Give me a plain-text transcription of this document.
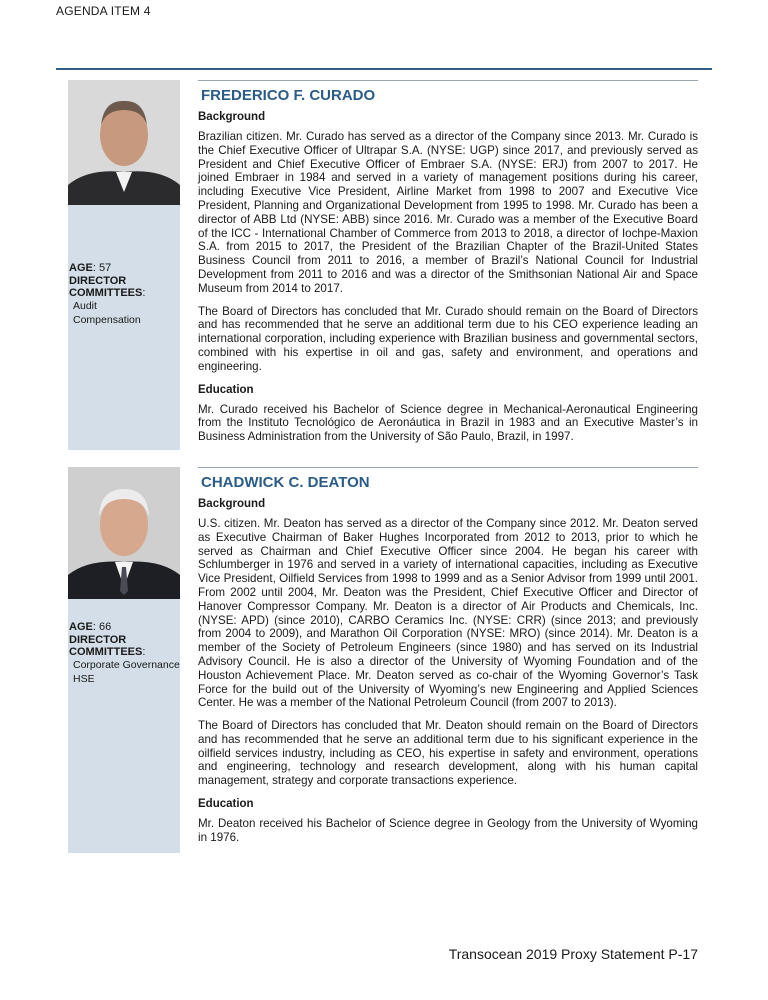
AGENDA ITEM 4
AGE: 57
DIRECTOR COMMITTEES:
Audit
Compensation
FREDERICO F. CURADO
Background

Brazilian citizen. Mr. Curado has served as a director of the Company since 2013. Mr. Curado is the Chief Executive Officer of Ultrapar S.A. (NYSE: UGP) since 2017, and previously served as President and Chief Executive Officer of Embraer S.A. (NYSE: ERJ) from 2007 to 2017. He joined Embraer in 1984 and served in a variety of management positions during his career, including Executive Vice President, Airline Market from 1998 to 2007 and Executive Vice President, Planning and Organizational Development from 1995 to 1998. Mr. Curado has been a director of ABB Ltd (NYSE: ABB) since 2016. Mr. Curado was a member of the Executive Board of the ICC - International Chamber of Commerce from 2013 to 2018, a director of Iochpe-Maxion S.A. from 2015 to 2017, the President of the Brazilian Chapter of the Brazil-United States Business Council from 2011 to 2016, a member of Brazil’s National Council for Industrial Development from 2011 to 2016 and was a director of the Smithsonian National Air and Space Museum from 2014 to 2017.

The Board of Directors has concluded that Mr. Curado should remain on the Board of Directors and has recommended that he serve an additional term due to his CEO experience leading an international corporation, including experience with Brazilian business and governmental sectors, combined with his expertise in oil and gas, safety and environment, and operations and engineering.

Education

Mr. Curado received his Bachelor of Science degree in Mechanical-Aeronautical Engineering from the Instituto Tecnológico de Aeronáutica in Brazil in 1983 and an Executive Master’s in Business Administration from the University of São Paulo, Brazil, in 1997.

AGE: 66
DIRECTOR COMMITTEES:
Corporate Governance
HSE
CHADWICK C. DEATON
Background

U.S. citizen. Mr. Deaton has served as a director of the Company since 2012. Mr. Deaton served as Executive Chairman of Baker Hughes Incorporated from 2012 to 2013, prior to which he served as Chairman and Chief Executive Officer since 2004. He began his career with Schlumberger in 1976 and served in a variety of international capacities, including as Executive Vice President, Oilfield Services from 1998 to 1999 and as a Senior Advisor from 1999 until 2001. From 2002 until 2004, Mr. Deaton was the President, Chief Executive Officer and Director of Hanover Compressor Company. Mr. Deaton is a director of Air Products and Chemicals, Inc. (NYSE: APD) (since 2010), CARBO Ceramics Inc. (NYSE: CRR) (since 2013; and previously from 2004 to 2009), and Marathon Oil Corporation (NYSE: MRO) (since 2014). Mr. Deaton is a member of the Society of Petroleum Engineers (since 1980) and has served on its Industrial Advisory Council. He is also a director of the University of Wyoming Foundation and of the Houston Achievement Place. Mr. Deaton served as co-chair of the Wyoming Governor’s Task Force for the build out of the University of Wyoming’s new Engineering and Applied Sciences Center. He was a member of the National Petroleum Council (from 2007 to 2013).

The Board of Directors has concluded that Mr. Deaton should remain on the Board of Directors and has recommended that he serve an additional term due to his significant experience in the oilfield services industry, including as CEO, his expertise in safety and environment, operations and engineering, technology and research development, along with his human capital management, strategy and corporate transactions experience.

Education

Mr. Deaton received his Bachelor of Science degree in Geology from the University of Wyoming in 1976.

Transocean 2019 Proxy Statement P-17
